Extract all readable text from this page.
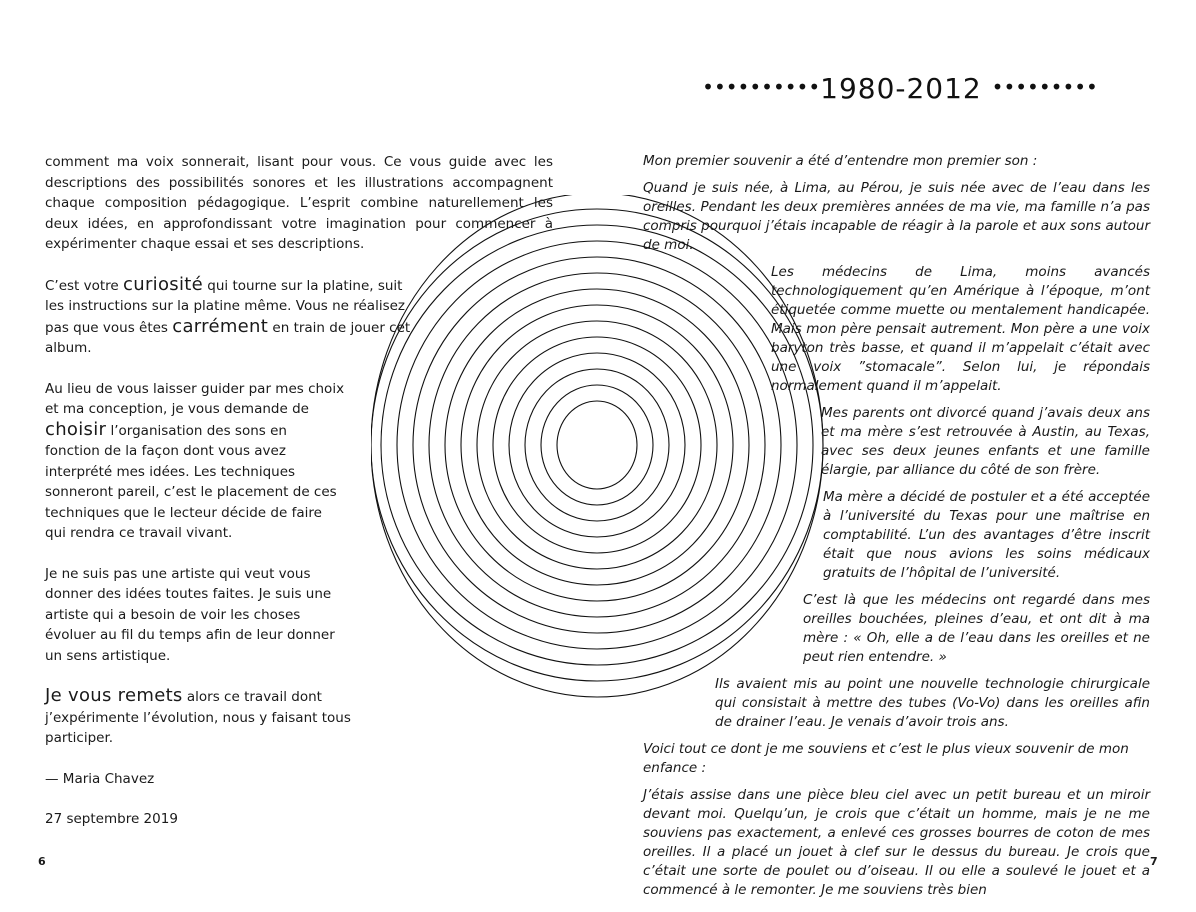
••••••••••1980-2012 •••••••••

comment ma voix sonnerait, lisant pour vous. Ce vous guide avec les descriptions des possibilités sonores et les illustrations accompagnent chaque composition pédagogique. L’esprit combine naturellement les deux idées, en approfondissant votre imagination pour commencer à expérimenter chaque essai et ses descriptions.

C’est votre curiosité qui tourne sur la platine, suit les instructions sur la platine même. Vous ne réalisez pas que vous êtes carrément en train de jouer cet album.

Au lieu de vous laisser guider par mes choix et ma conception, je vous demande de choisir l’organisation des sons en fonction de la façon dont vous avez interprété mes idées. Les techniques sonneront pareil, c’est le placement de ces techniques que le lecteur décide de faire qui rendra ce travail vivant.

Je ne suis pas une artiste qui veut vous donner des idées toutes faites. Je suis une artiste qui a besoin de voir les choses évoluer au fil du temps afin de leur donner un sens artistique.

Je vous remets alors ce travail dont j’expérimente l’évolution, nous y faisant tous participer.

— Maria Chavez

27 septembre 2019

Mon premier souvenir a été d’entendre mon premier son :

Quand je suis née, à Lima, au Pérou, je suis née avec de l’eau dans les oreilles. Pendant les deux premières années de ma vie, ma famille n’a pas compris pourquoi j’étais incapable de réagir à la parole et aux sons autour de moi.

Les médecins de Lima, moins avancés technologiquement qu’en Amérique à l’époque, m’ont étiquetée comme muette ou mentalement handicapée. Mais mon père pensait autrement. Mon père a une voix baryton très basse, et quand il m’appelait c’était avec une voix ”stomacale”. Selon lui, je répondais normalement quand il m’appelait.

Mes parents ont divorcé quand j’avais deux ans et ma mère s’est retrouvée à Austin, au Texas, avec ses deux jeunes enfants et une famille élargie, par alliance du côté de son frère.

Ma mère a décidé de postuler et a été acceptée à l’université du Texas pour une maîtrise en comptabilité. L’un des avantages d’être inscrit était que nous avions les soins médicaux gratuits de l’hôpital de l’université.

C’est là que les médecins ont regardé dans mes oreilles bouchées, pleines d’eau, et ont dit à ma mère : « Oh, elle a de l’eau dans les oreilles et ne peut rien entendre. »

Ils avaient mis au point une nouvelle technologie chirurgicale qui consistait à mettre des tubes (Vo-Vo) dans les oreilles afin de drainer l’eau. Je venais d’avoir trois ans.

Voici tout ce dont je me souviens et c’est le plus vieux souvenir de mon enfance :

J’étais assise dans une pièce bleu ciel avec un petit bureau et un miroir devant moi. Quelqu’un, je crois que c’était un homme, mais je ne me souviens pas exactement, a enlevé ces grosses bourres de coton de mes oreilles. Il a placé un jouet à clef sur le dessus du bureau. Je crois que c’était une sorte de poulet ou d’oiseau. Il ou elle a soulevé le jouet et a commencé à le remonter. Je me souviens très bien

6	7
